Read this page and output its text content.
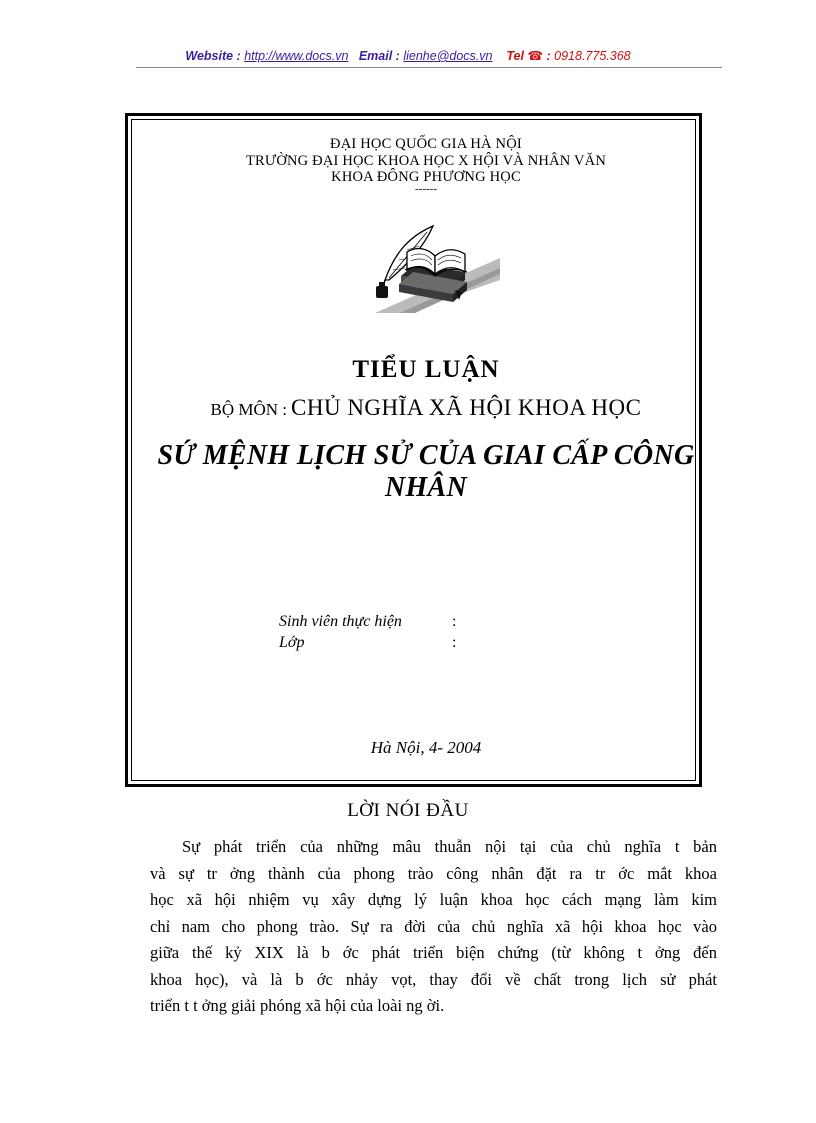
Website : http://www.docs.vn Email : lienhe@docs.vn Tel ☎ : 0918.775.368
ĐẠI HỌC QUỐC GIA HÀ NỘI
TRƯỜNG ĐẠI HỌC KHOA HỌC X HỘI VÀ NHÂN VĂN
KHOA ĐÔNG PHƯƠNG HỌC
------
TIỂU LUẬN
BỘ MÔN : CHỦ NGHĨA XÃ HỘI KHOA HỌC
SỨ MỆNH LỊCH SỬ CỦA GIAI CẤP CÔNG NHÂN
Sinh viên thực hiện	:
Lớp	:
Hà Nội, 4- 2004
LỜI NÓI ĐẦU
Sự phát triển của những mâu thuẫn nội tại của chủ nghĩa t bản
và sự tr ởng thành của phong trào công nhân đặt ra tr ớc mắt khoa
học xã hội nhiệm vụ xây dựng lý luận khoa học cách mạng làm kim
chỉ nam cho phong trào. Sự ra đời của chủ nghĩa xã hội khoa học vào
giữa thế kỷ XIX là b ớc phát triển biện chứng (từ không t ởng đến
khoa học), và là b ớc nhảy vọt, thay đổi về chất trong lịch sử phát
triển t t ởng giải phóng xã hội của loài ng ời.
